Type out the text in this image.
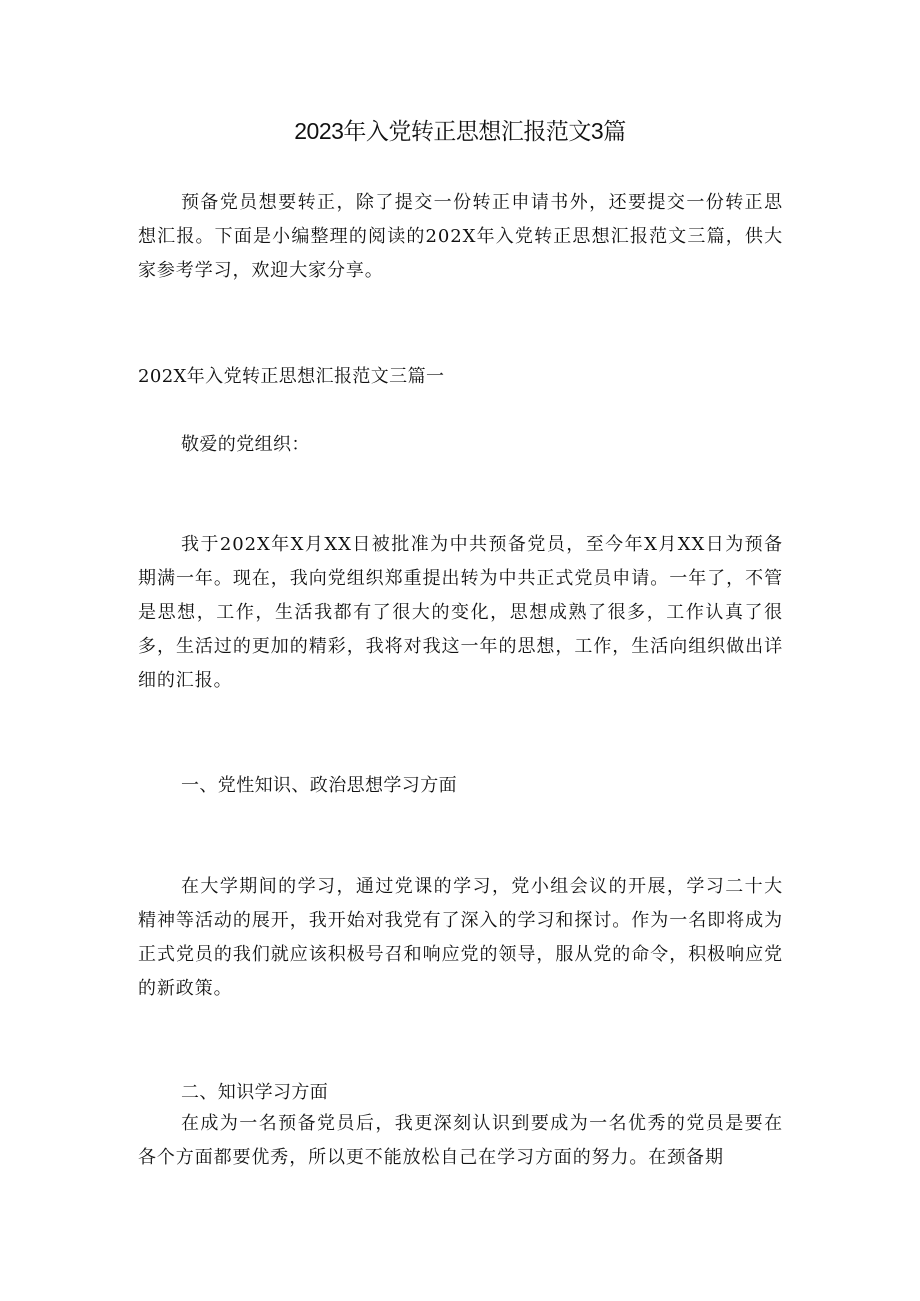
2023年入党转正思想汇报范文3篇

预备党员想要转正，除了提交一份转正申请书外，还要提交一份转正思想汇报。下面是小编整理的阅读的202X年入党转正思想汇报范文三篇，供大家参考学习，欢迎大家分享。

202X年入党转正思想汇报范文三篇一
敬爱的党组织：

我于202X年X月XX日被批准为中共预备党员，至今年X月XX日为预备期满一年。现在，我向党组织郑重提出转为中共正式党员申请。一年了，不管是思想，工作，生活我都有了很大的变化，思想成熟了很多，工作认真了很多，生活过的更加的精彩，我将对我这一年的思想，工作，生活向组织做出详细的汇报。

一、党性知识、政治思想学习方面

在大学期间的学习，通过党课的学习，党小组会议的开展，学习二十大精神等活动的展开，我开始对我党有了深入的学习和探讨。作为一名即将成为正式党员的我们就应该积极号召和响应党的领导，服从党的命令，积极响应党的新政策。

二、知识学习方面

在成为一名预备党员后，我更深刻认识到要成为一名优秀的党员是要在各个方面都要优秀，所以更不能放松自己在学习方面的努力。在颈备期
